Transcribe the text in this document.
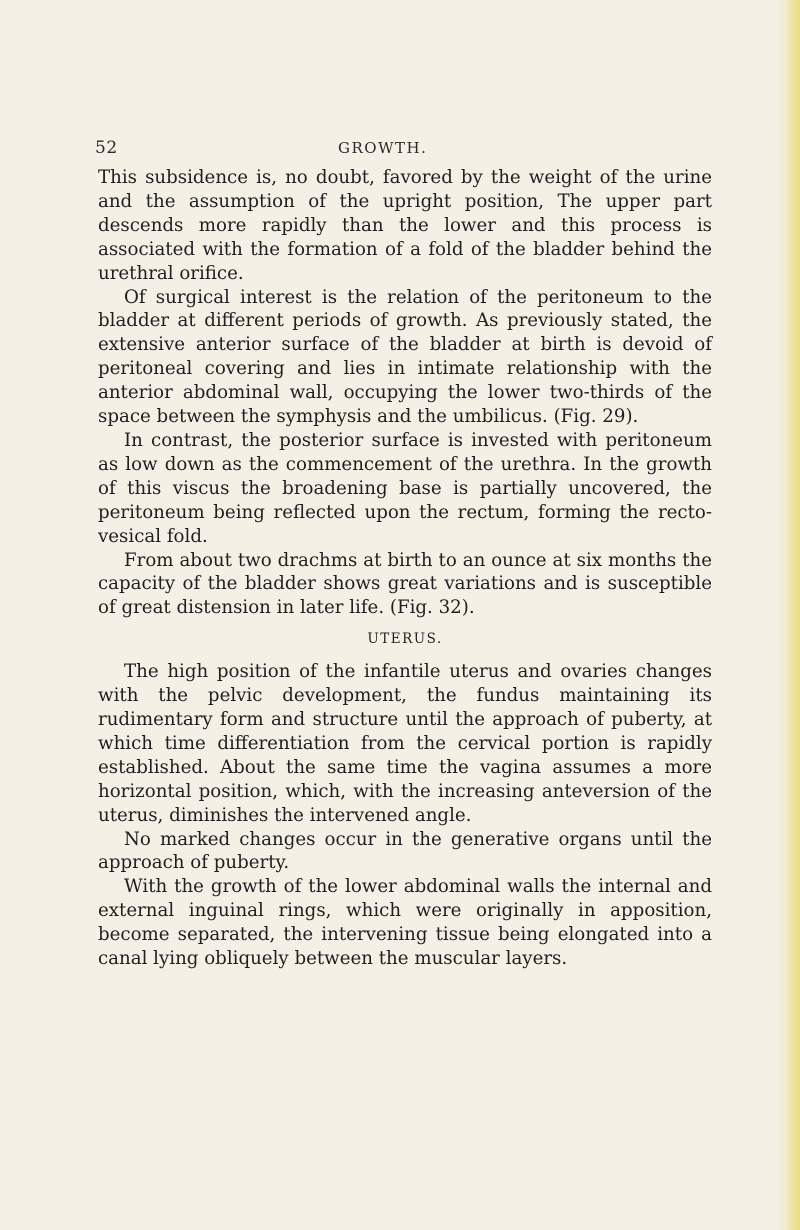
52	GROWTH.

This subsidence is, no doubt, favored by the weight of the urine and the assumption of the upright position, The upper part descends more rapidly than the lower and this process is associated with the formation of a fold of the bladder behind the urethral orifice.

Of surgical interest is the relation of the peritoneum to the bladder at different periods of growth. As previously stated, the extensive anterior surface of the bladder at birth is devoid of peritoneal covering and lies in intimate relationship with the anterior abdominal wall, occupying the lower two-thirds of the space between the symphysis and the umbilicus. (Fig. 29).

In contrast, the posterior surface is invested with peritoneum as low down as the commencement of the urethra. In the growth of this viscus the broadening base is partially uncovered, the peritoneum being reflected upon the rectum, forming the recto-vesical fold.

From about two drachms at birth to an ounce at six months the capacity of the bladder shows great variations and is susceptible of great distension in later life. (Fig. 32).

UTERUS.

The high position of the infantile uterus and ovaries changes with the pelvic development, the fundus maintaining its rudimentary form and structure until the approach of puberty, at which time differentiation from the cervical portion is rapidly established. About the same time the vagina assumes a more horizontal position, which, with the increasing anteversion of the uterus, diminishes the intervened angle.

No marked changes occur in the generative organs until the approach of puberty.

With the growth of the lower abdominal walls the internal and external inguinal rings, which were originally in apposition, become separated, the intervening tissue being elongated into a canal lying obliquely between the muscular layers.
